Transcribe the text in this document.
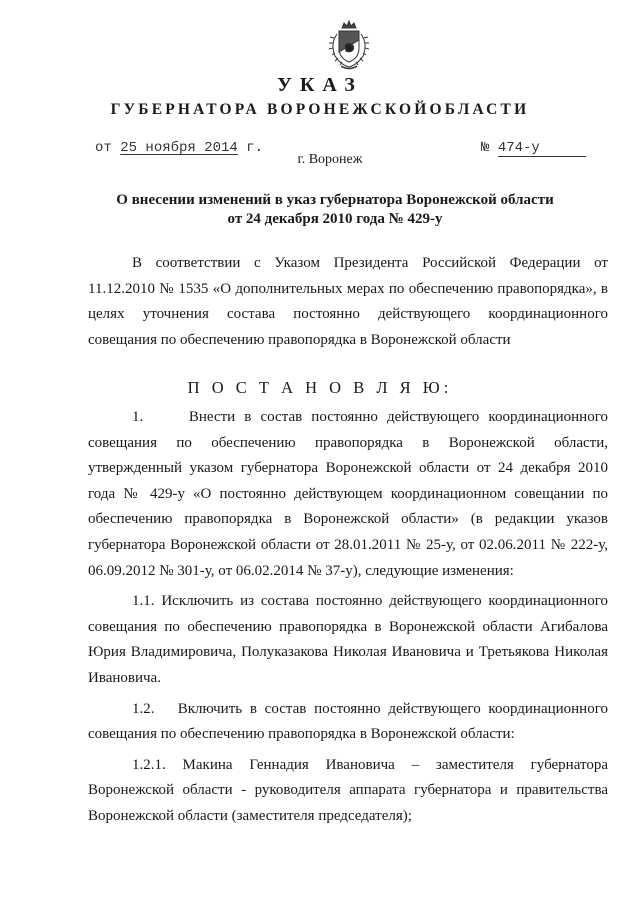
УКАЗ
ГУБЕРНАТОРА ВОРОНЕЖСКОЙОБЛАСТИ
от 25 ноября 2014 г.	№ 474-у
г. Воронеж
О внесении изменений в указ губернатора Воронежской области
от 24 декабря 2010 года № 429-у

В соответствии с Указом Президента Российской Федерации от 11.12.2010 № 1535 «О дополнительных мерах по обеспечению правопорядка», в целях уточнения состава постоянно действующего координационного совещания по обеспечению правопорядка в Воронежской области

П О С Т А Н О В Л Я Ю:

1.     Внести в состав постоянно действующего координационного совещания по обеспечению правопорядка в Воронежской области, утвержденный указом губернатора Воронежской области от 24 декабря 2010 года № 429-у «О постоянно действующем координационном совещании по обеспечению правопорядка в Воронежской области» (в редакции указов губернатора Воронежской области от 28.01.2011 № 25-у, от 02.06.2011 № 222-у, 06.09.2012 № 301-у, от 06.02.2014 № 37-у), следующие изменения:

1.1. Исключить из состава постоянно действующего координационного совещания по обеспечению правопорядка в Воронежской области Агибалова Юрия Владимировича, Полуказакова Николая Ивановича и Третьякова Николая Ивановича.

1.2.   Включить в состав постоянно действующего координационного совещания по обеспечению правопорядка в Воронежской области:

1.2.1. Макина Геннадия Ивановича – заместителя губернатора Воронежской области - руководителя аппарата губернатора и правительства Воронежской области (заместителя председателя);
